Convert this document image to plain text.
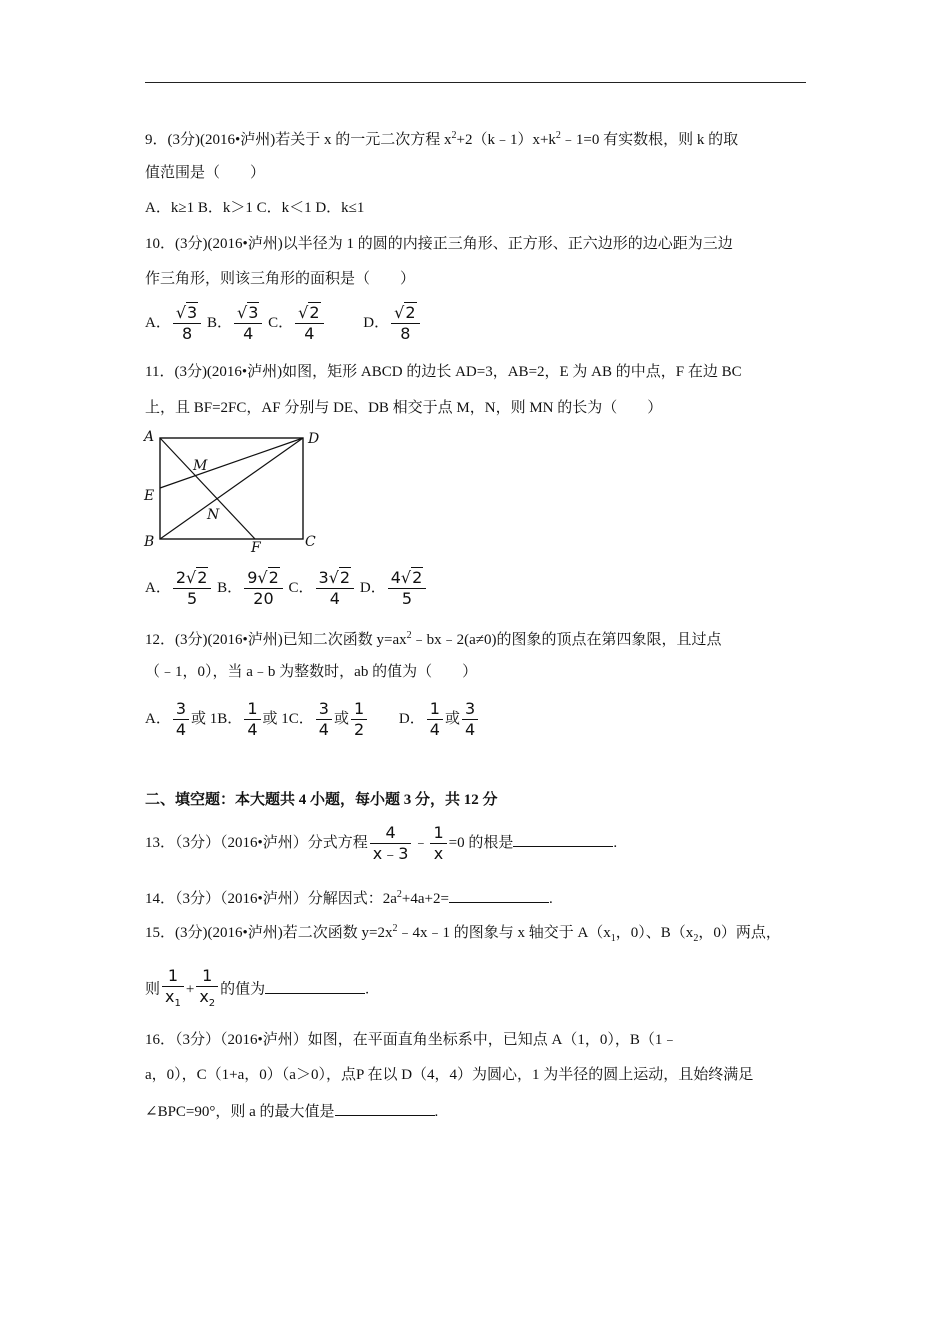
9．(3分)(2016•泸州)若关于 x 的一元二次方程 $x^2+2(k﹣1)x+k^2﹣1=0$ 有实数根，则 k 的取
值范围是（　　）
A．k≥1 B．k＞1 C．k＜1 D．k≤1
10．(3分)(2016•泸州)以半径为 1 的圆的内接正三角形、正方形、正六边形的边心距为三边
作三角形，则该三角形的面积是（　　）
A． $\frac{√3}{8}$ B． $\frac{√3}{4}$ C． $\frac{√2}{4}$	D． $\frac{√2}{8}$
11．(3分)(2016•泸州)如图，矩形 ABCD 的边长 AD=3，AB=2，E 为 AB 的中点，F 在边 BC
上，且 BF=2FC，AF 分别与 DE、DB 相交于点 M，N，则 MN 的长为（　　）
A	D
E
B	C
F
M
N
A． $\frac{2√2}{5}$ B． $\frac{9√2}{20}$ C． $\frac{3√2}{4}$ D． $\frac{4√2}{5}$
12．(3分)(2016•泸州)已知二次函数 $y=ax^2﹣bx﹣2(a\ne 0)$的图象的顶点在第四象限，且过点
（﹣1，0），当 a﹣b 为整数时，ab 的值为（　　）
A． $\frac{3}{4}$ 或 1B． $\frac{1}{4}$ 或 1C． $\frac{3}{4}$ 或 $\frac{1}{2}$ D． $\frac{1}{4}$ 或 $\frac{3}{4}$
二、填空题：本大题共 4 小题，每小题 3 分，共 12 分
13．（3分）（2016•泸州）分式方程 $\frac{4}{x﹣3}$ ﹣ $\frac{1}{x} =0$ 的根是	.
14．（3分）（2016•泸州）分解因式：$2a^2+4a+2=$	.
15．(3分)(2016•泸州)若二次函数 $y=2x^2﹣4x﹣1$ 的图象与 x 轴交于 $A(x_1$，0）、$B(x_2$，0）两点，
则 $\frac{1}{x_1} + \frac{1}{x_2}$ 的值为	.
16．（3分）（2016•泸州）如图，在平面直角坐标系中，已知点 A（1，0），B（1﹣
a，0），C（1+a，0）（a＞0），点P 在以 D（4，4）为圆心，1 为半径的圆上运动，且始终满足
∠BPC=90°，则 a 的最大值是	.
